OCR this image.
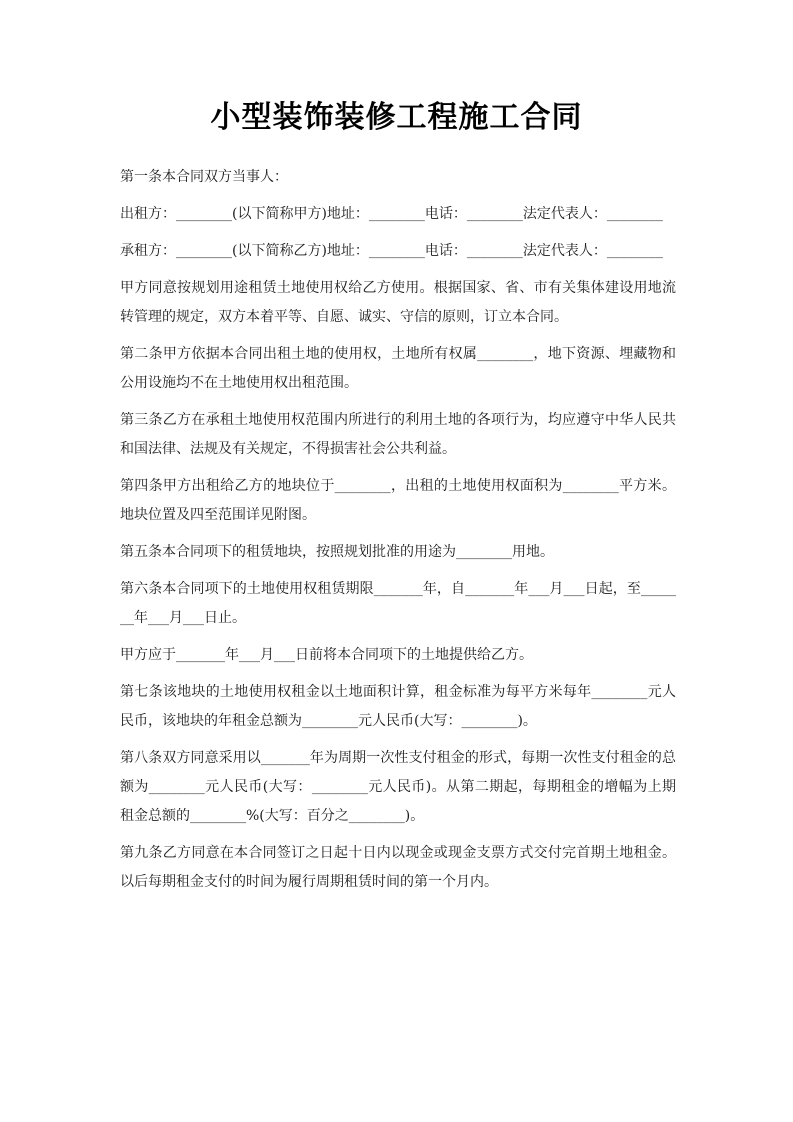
小型装饰装修工程施工合同

第一条本合同双方当事人：

出租方：________(以下简称甲方)地址：________电话：________法定代表人：________

承租方：________(以下简称乙方)地址：________电话：________法定代表人：________

甲方同意按规划用途租赁土地使用权给乙方使用。根据国家、省、市有关集体建设用地流转管理的规定，双方本着平等、自愿、诚实、守信的原则，订立本合同。

第二条甲方依据本合同出租土地的使用权，土地所有权属________，地下资源、埋藏物和公用设施均不在土地使用权出租范围。

第三条乙方在承租土地使用权范围内所进行的利用土地的各项行为，均应遵守中华人民共和国法律、法规及有关规定，不得损害社会公共利益。

第四条甲方出租给乙方的地块位于________，出租的土地使用权面积为________平方米。地块位置及四至范围详见附图。

第五条本合同项下的租赁地块，按照规划批准的用途为________用地。

第六条本合同项下的土地使用权租赁期限_______年，自_______年___月___日起，至_______年___月___日止。

甲方应于_______年___月___日前将本合同项下的土地提供给乙方。

第七条该地块的土地使用权租金以土地面积计算，租金标准为每平方米每年________元人民币，该地块的年租金总额为________元人民币(大写：________)。

第八条双方同意采用以_______年为周期一次性支付租金的形式，每期一次性支付租金的总额为________元人民币(大写：________元人民币)。从第二期起，每期租金的增幅为上期租金总额的________%(大写：百分之________)。

第九条乙方同意在本合同签订之日起十日内以现金或现金支票方式交付完首期土地租金。以后每期租金支付的时间为履行周期租赁时间的第一个月内。
